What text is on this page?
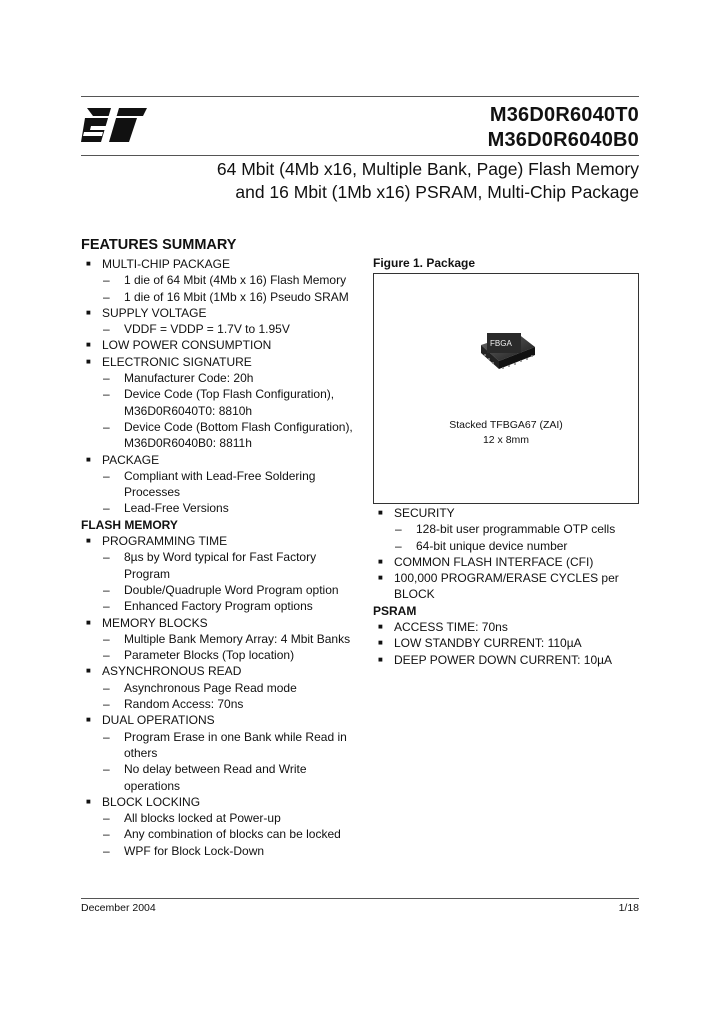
M36D0R6040T0
M36D0R6040B0
64 Mbit (4Mb x16, Multiple Bank, Page) Flash Memory
and 16 Mbit (1Mb x16) PSRAM, Multi-Chip Package
FEATURES SUMMARY
■ MULTI-CHIP PACKAGE
– 1 die of 64 Mbit (4Mb x 16) Flash Memory
– 1 die of 16 Mbit (1Mb x 16) Pseudo SRAM
■ SUPPLY VOLTAGE
– VDDF = VDDP = 1.7V to 1.95V
■ LOW POWER CONSUMPTION
■ ELECTRONIC SIGNATURE
– Manufacturer Code: 20h
– Device Code (Top Flash Configuration), M36D0R6040T0: 8810h
– Device Code (Bottom Flash Configuration), M36D0R6040B0: 8811h
■ PACKAGE
– Compliant with Lead-Free Soldering Processes
– Lead-Free Versions
FLASH MEMORY
■ PROGRAMMING TIME
– 8µs by Word typical for Fast Factory Program
– Double/Quadruple Word Program option
– Enhanced Factory Program options
■ MEMORY BLOCKS
– Multiple Bank Memory Array: 4 Mbit Banks
– Parameter Blocks (Top location)
■ ASYNCHRONOUS READ
– Asynchronous Page Read mode
– Random Access: 70ns
■ DUAL OPERATIONS
– Program Erase in one Bank while Read in others
– No delay between Read and Write operations
■ BLOCK LOCKING
– All blocks locked at Power-up
– Any combination of blocks can be locked
– WPF for Block Lock-Down
Figure 1. Package
FBGA
Stacked TFBGA67 (ZAI)
12 x 8mm
■ SECURITY
– 128-bit user programmable OTP cells
– 64-bit unique device number
■ COMMON FLASH INTERFACE (CFI)
■ 100,000 PROGRAM/ERASE CYCLES per BLOCK
PSRAM
■ ACCESS TIME: 70ns
■ LOW STANDBY CURRENT: 110µA
■ DEEP POWER DOWN CURRENT: 10µA
December 2004	1/18
